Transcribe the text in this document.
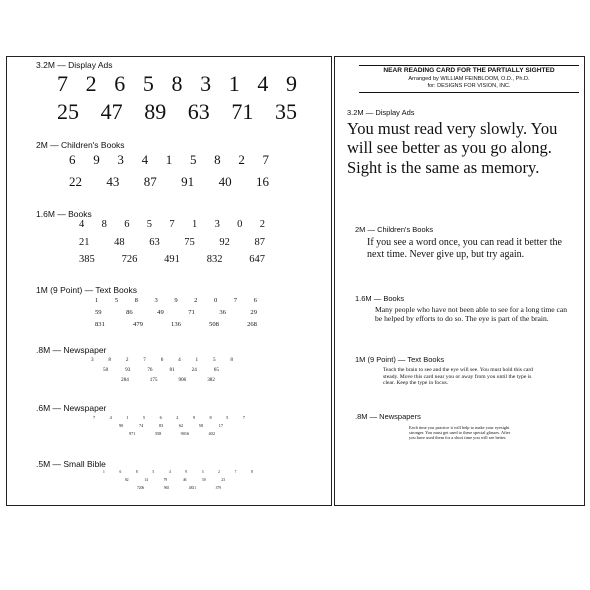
3.2M — Display Ads
7 2 6 5 8 3 1 4 9
25 47 89 63 71 35
2M — Children's Books
6 9 3 4 1 5 8 2 7
22 43 87 91 40 16
1.6M — Books
4 8 6 5 7 1 3 0 2
21 48 63 75 92 87
385	726	491	832	647
1M (9 Point) — Text Books
1	5	8	3	9	2	0	7	6
59	86	49	71	36	29
831	479	136	508	268
.8M — Newspaper
3	8	2	7	6	4	1	5	8
50	93	76	81	24	65
284	175	906	382
.6M — Newspaper
7	4	1	5	6	2	9	8	5	7
90	74	83	62	58	17
971	358	9016	402
.5M — Small Bible
1	6	8	5	4	9	3	2	7	8
82	14	79	46	50	23
7206	965	4831	379
NEAR READING CARD FOR THE PARTIALLY SIGHTED
Arranged by WILLIAM FEINBLOOM, O.D., Ph.D.
for: DESIGNS FOR VISION, INC.
3.2M — Display Ads
You must read very slowly. You will see better as you go along. Sight is the same as memory.
2M — Children's Books
If you see a word once, you can read it better the next time. Never give up, but try again.
1.6M — Books
Many people who have not been able to see for a long time can be helped by efforts to do so. The eye is part of the brain.
1M (9 Point) — Text Books
Teach the brain to see and the eye will see. You must hold this card steady. Move this card near you or away from you until the type is clear. Keep the type in focus.
.8M — Newspapers
Each time you practice it will help to make your eyesight stronger. You must get used to these special glasses. After you have used them for a short time you will see better.
